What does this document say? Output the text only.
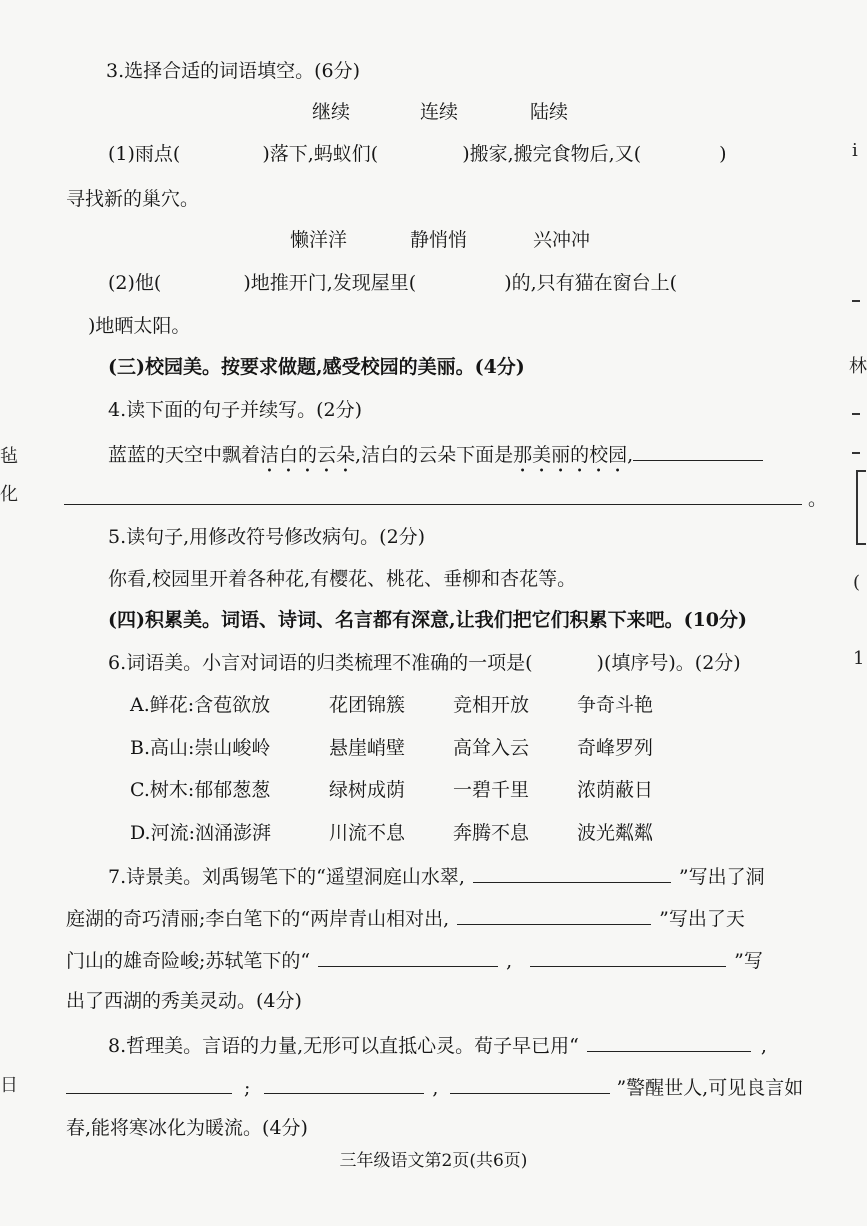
3.选择合适的词语填空。(6分)
继续	连续	陆续
(1)雨点(	)落下,蚂蚁们(	)搬家,搬完食物后,又(	)
寻找新的巢穴。
懒洋洋	静悄悄	兴冲冲
(2)他(	)地推开门,发现屋里(	)的,只有猫在窗台上(
)地晒太阳。
(三)校园美。按要求做题,感受校园的美丽。(4分)
4.读下面的句子并续写。(2分)
蓝蓝的天空中飘着洁白的云朵,洁白的云朵下面是那美丽的校园,
。
5.读句子,用修改符号修改病句。(2分)
你看,校园里开着各种花,有樱花、桃花、垂柳和杏花等。
(四)积累美。词语、诗词、名言都有深意,让我们把它们积累下来吧。(10分)
6.词语美。小言对词语的归类梳理不准确的一项是(	)(填序号)。(2分)
A.鲜花:含苞欲放	花团锦簇	竞相开放	争奇斗艳
B.高山:崇山峻岭	悬崖峭壁	高耸入云	奇峰罗列
C.树木:郁郁葱葱	绿树成荫	一碧千里	浓荫蔽日
D.河流:汹涌澎湃	川流不息	奔腾不息	波光粼粼
7.诗景美。刘禹锡笔下的“遥望洞庭山水翠,	”写出了洞
庭湖的奇巧清丽;李白笔下的“两岸青山相对出,	”写出了天
门山的雄奇险峻;苏轼笔下的“	,	”写
出了西湖的秀美灵动。(4分)
8.哲理美。言语的力量,无形可以直抵心灵。荀子早已用“	,
;	,	”警醒世人,可见良言如
春,能将寒冰化为暖流。(4分)
三年级语文第2页(共6页)
毡
化
日
i
林
(
1
